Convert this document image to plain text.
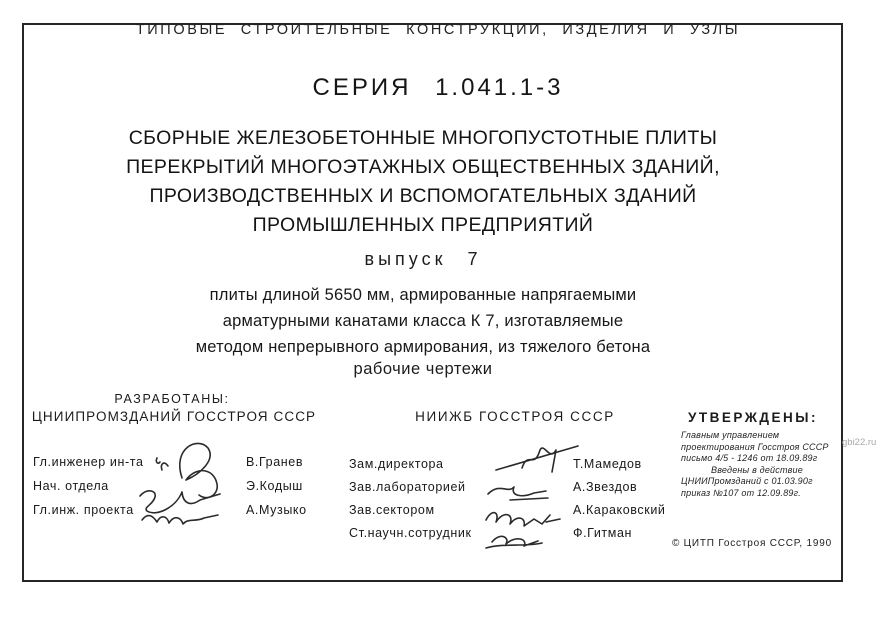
ТИПОВЫЕ СТРОИТЕЛЬНЫЕ КОНСТРУКЦИИ, ИЗДЕЛИЯ И УЗЛЫ
СЕРИЯ 1.041.1-3
СБОРНЫЕ ЖЕЛЕЗОБЕТОННЫЕ МНОГОПУСТОТНЫЕ ПЛИТЫ
ПЕРЕКРЫТИЙ МНОГОЭТАЖНЫХ ОБЩЕСТВЕННЫХ ЗДАНИЙ,
ПРОИЗВОДСТВЕННЫХ И ВСПОМОГАТЕЛЬНЫХ ЗДАНИЙ
ПРОМЫШЛЕННЫХ ПРЕДПРИЯТИЙ
выпуск 7
плиты длиной 5650 мм, армированные напрягаемыми
арматурными канатами класса К 7, изготавляемые
методом непрерывного армирования, из тяжелого бетона
рабочие чертежи
РАЗРАБОТАНЫ:
ЦНИИПРОМЗДАНИЙ ГОССТРОЯ СССР
Гл.инженер ин-та
Нач. отдела
Гл.инж. проекта
В.Гранев
Э.Кодыш
А.Музыко
НИИЖБ ГОССТРОЯ СССР
Зам.директора
Зав.лабораторией
Зав.сектором
Ст.научн.сотрудник
Т.Мамедов
А.Звездов
А.Караковский
Ф.Гитман
УТВЕРЖДЕНЫ:
Главным управлением
проектирования Госстроя СССР
письмо 4/5 - 1246 от 18.09.89г
Введены в действие
ЦНИИПромзданий с 01.03.90г
приказ №107 от 12.09.89г.
© ЦИТП Госстроя СССР, 1990
gbi22.ru
